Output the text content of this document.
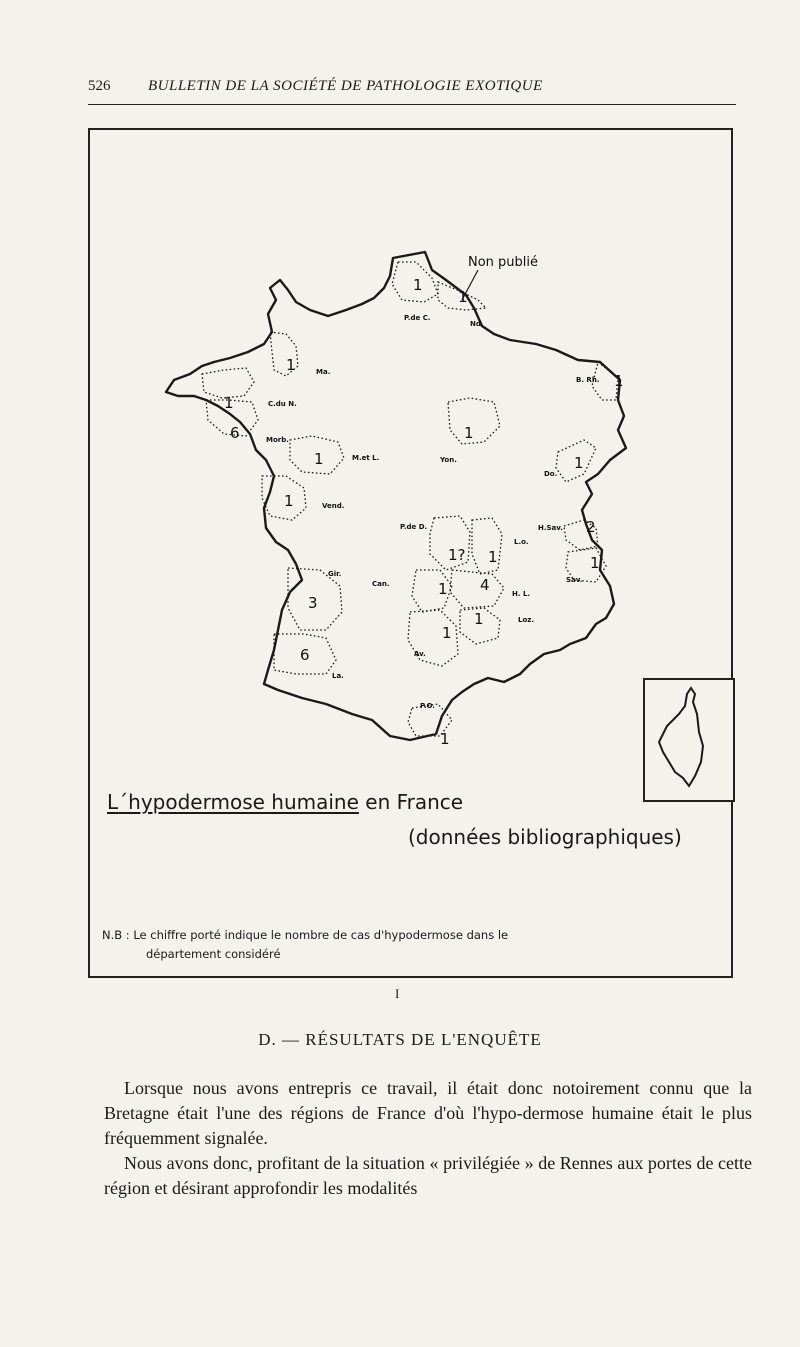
526	BULLETIN DE LA SOCIÉTÉ DE PATHOLOGIE EXOTIQUE
Non publié
1
1
1
1
6
1
1
1
1
1
2
1
1? 1
1 4
1
1
3
6
1
P.de C.
Nd.
Ma.
C.du N.
Morb.
M.et L.
Vend.
Yon.
B. Rh.
Do.
H.Sav.
Sav.
P.de D.
L.o.
Can.
H. L.
Loz.
Av.
Gir.
La.
P.O.
L´hypodermose humaine en France
(données bibliographiques)
N.B : Le chiffre porté indique le nombre de cas d'hypodermose dans le
département considéré
I
D. — RÉSULTATS DE L'ENQUÊTE

Lorsque nous avons entrepris ce travail, il était donc notoirement connu que la Bretagne était l'une des régions de France d'où l'hypo-dermose humaine était le plus fréquemment signalée.

Nous avons donc, profitant de la situation « privilégiée » de Rennes aux portes de cette région et désirant approfondir les modalités
